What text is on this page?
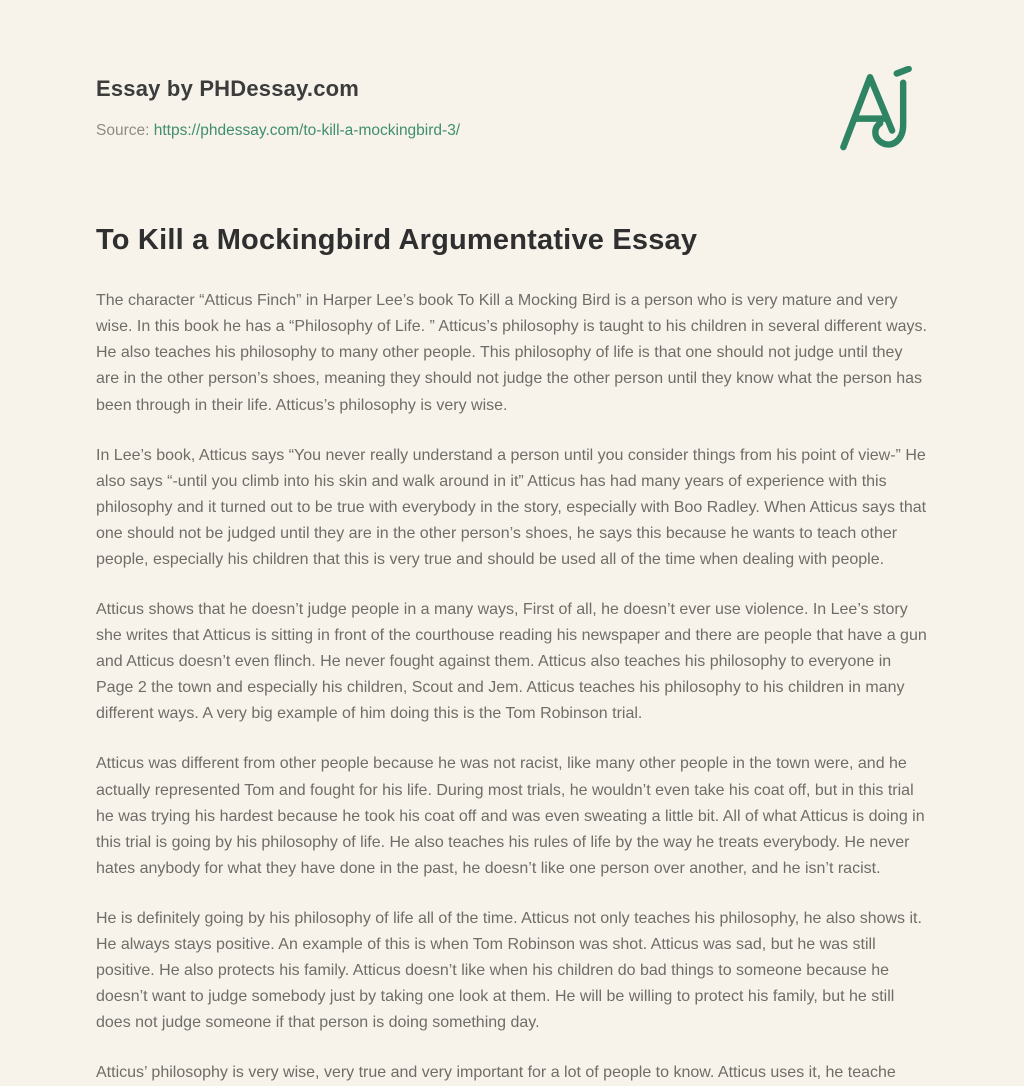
Essay by PHDessay.com
Source: https://phdessay.com/to-kill-a-mockingbird-3/
To Kill a Mockingbird Argumentative Essay

The character “Atticus Finch” in Harper Lee’s book To Kill a Mocking Bird is a person who is very mature and very wise. In this book he has a “Philosophy of Life. ” Atticus’s philosophy is taught to his children in several different ways. He also teaches his philosophy to many other people. This philosophy of life is that one should not judge until they are in the other person’s shoes, meaning they should not judge the other person until they know what the person has been through in their life. Atticus’s philosophy is very wise.

In Lee’s book, Atticus says “You never really understand a person until you consider things from his point of view-” He also says “-until you climb into his skin and walk around in it” Atticus has had many years of experience with this philosophy and it turned out to be true with everybody in the story, especially with Boo Radley. When Atticus says that one should not be judged until they are in the other person’s shoes, he says this because he wants to teach other people, especially his children that this is very true and should be used all of the time when dealing with people.

Atticus shows that he doesn’t judge people in a many ways, First of all, he doesn’t ever use violence. In Lee’s story she writes that Atticus is sitting in front of the courthouse reading his newspaper and there are people that have a gun and Atticus doesn’t even flinch. He never fought against them. Atticus also teaches his philosophy to everyone in Page 2 the town and especially his children, Scout and Jem. Atticus teaches his philosophy to his children in many different ways. A very big example of him doing this is the Tom Robinson trial.

Atticus was different from other people because he was not racist, like many other people in the town were, and he actually represented Tom and fought for his life. During most trials, he wouldn’t even take his coat off, but in this trial he was trying his hardest because he took his coat off and was even sweating a little bit. All of what Atticus is doing in this trial is going by his philosophy of life. He also teaches his rules of life by the way he treats everybody. He never hates anybody for what they have done in the past, he doesn’t like one person over another, and he isn’t racist.

He is definitely going by his philosophy of life all of the time. Atticus not only teaches his philosophy, he also shows it. He always stays positive. An example of this is when Tom Robinson was shot. Atticus was sad, but he was still positive. He also protects his family. Atticus doesn’t like when his children do bad things to someone because he doesn’t want to judge somebody just by taking one look at them. He will be willing to protect his family, but he still does not judge someone if that person is doing something day.

Atticus’ philosophy is very wise, very true and very important for a lot of people to know. Atticus uses it, he teache
